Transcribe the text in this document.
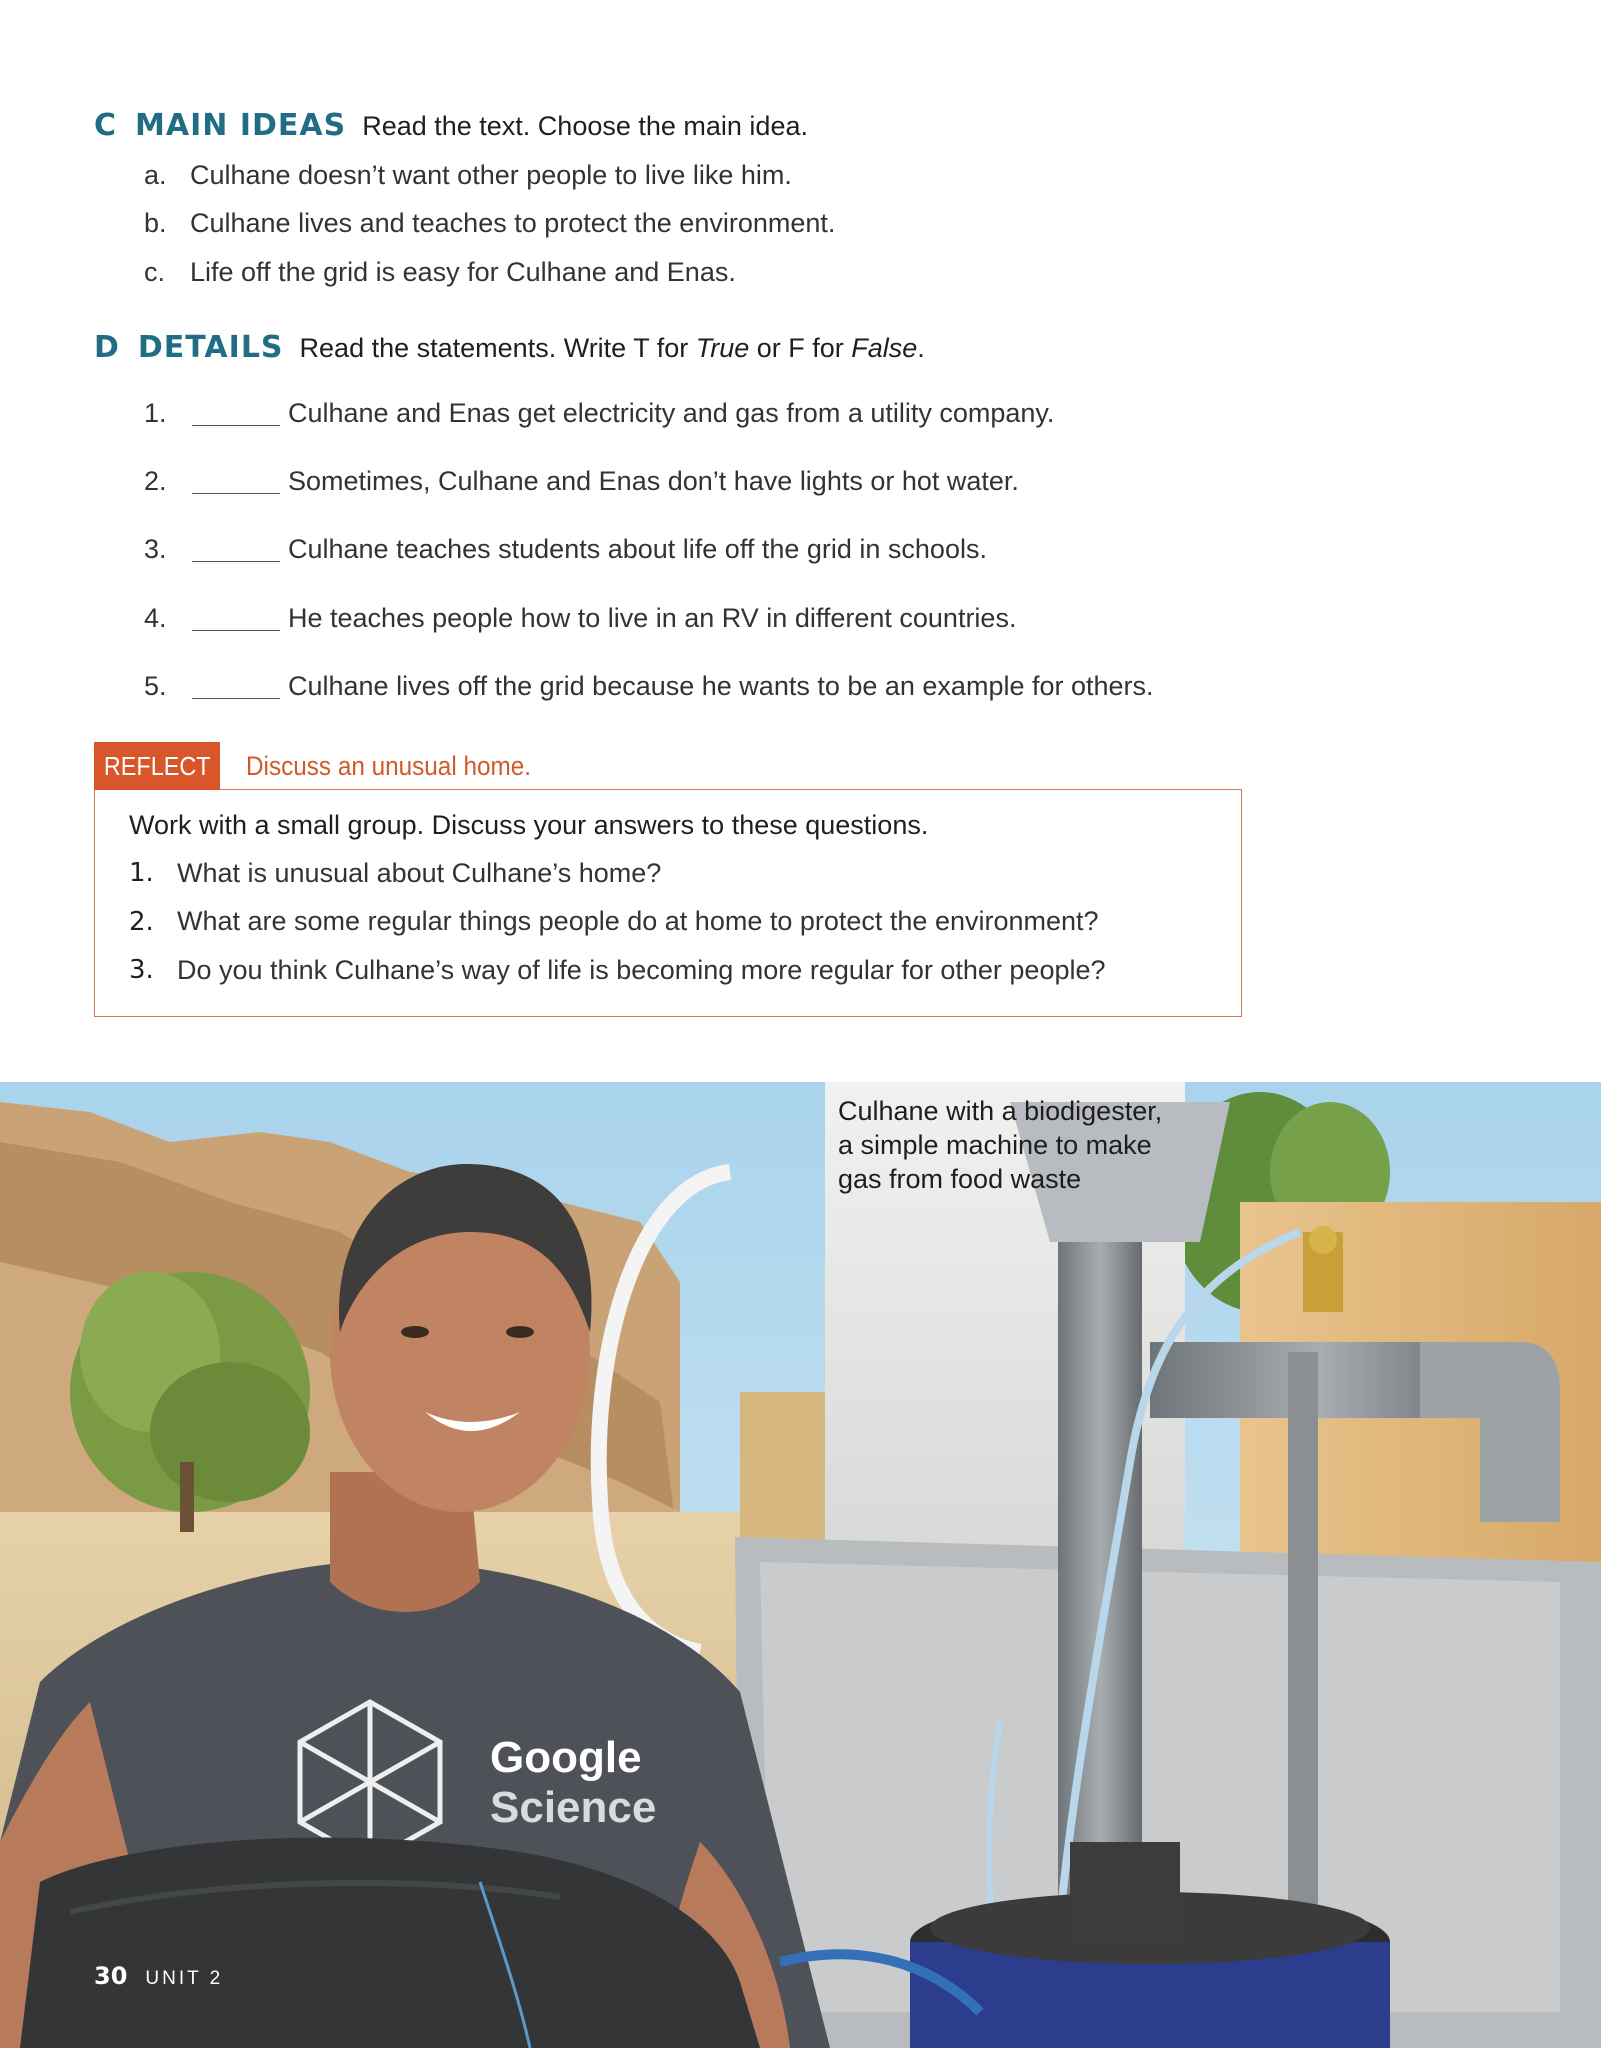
C MAIN IDEAS Read the text. Choose the main idea.
a. Culhane doesn’t want other people to live like him.
b. Culhane lives and teaches to protect the environment.
c. Life off the grid is easy for Culhane and Enas.
D DETAILS Read the statements. Write T for True or F for False.
1.	Culhane and Enas get electricity and gas from a utility company.
2.	Sometimes, Culhane and Enas don’t have lights or hot water.
3.	Culhane teaches students about life off the grid in schools.
4.	He teaches people how to live in an RV in different countries.
5.	Culhane lives off the grid because he wants to be an example for others.
REFLECT	Discuss an unusual home.

Work with a small group. Discuss your answers to these questions.

1. What is unusual about Culhane’s home?
2. What are some regular things people do at home to protect the environment?
3. Do you think Culhane’s way of life is becoming more regular for other people?
Google
Science
Culhane with a biodigester,
a simple machine to make
gas from food waste
30 UNIT 2
